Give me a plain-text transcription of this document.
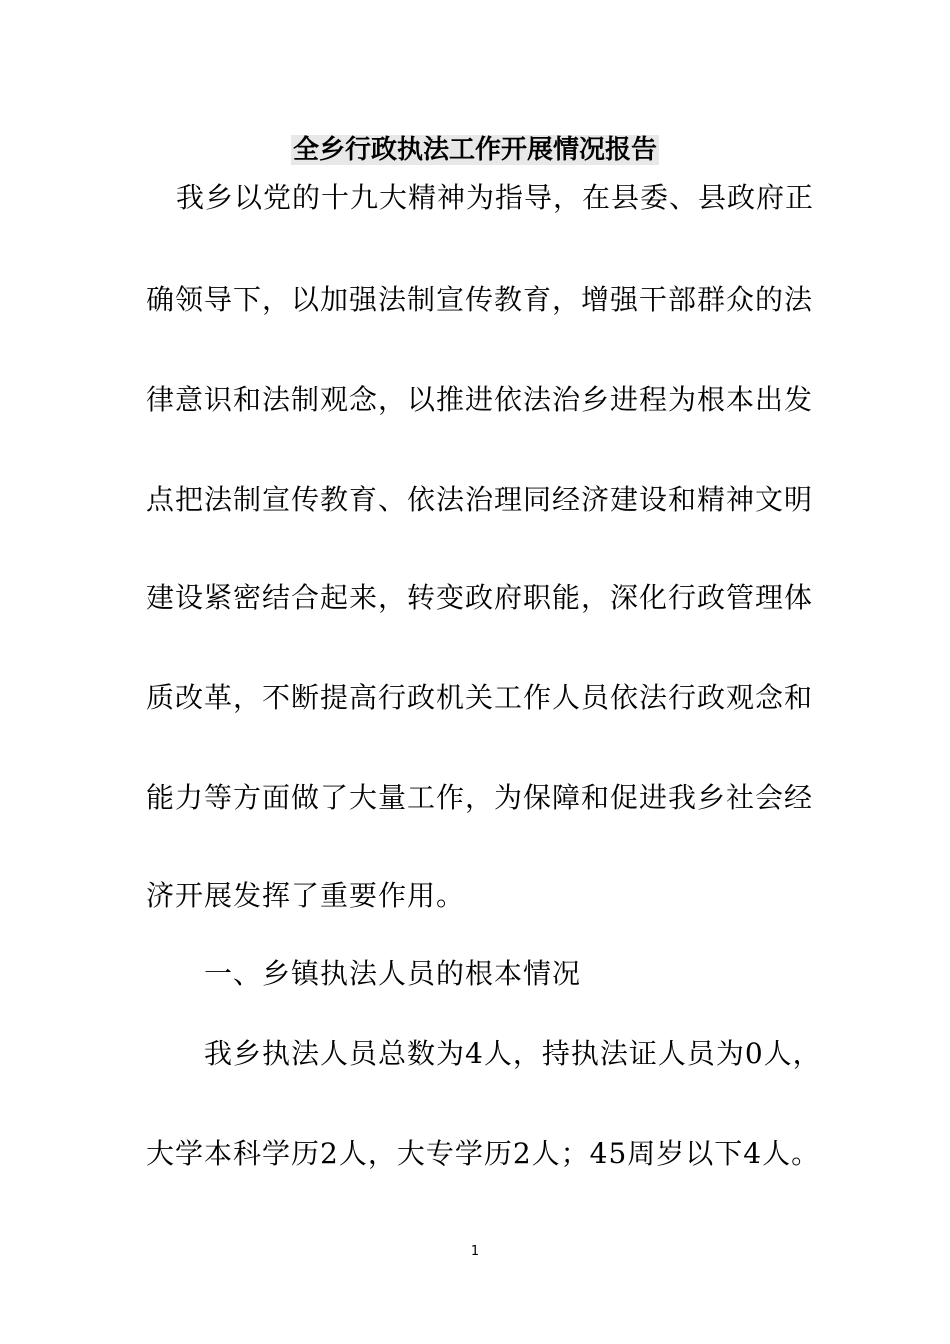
全乡行政执法工作开展情况报告
我乡以党的十九大精神为指导，在县委、县政府正
确领导下，以加强法制宣传教育，增强干部群众的法
律意识和法制观念，以推进依法治乡进程为根本出发
点把法制宣传教育、依法治理同经济建设和精神文明
建设紧密结合起来，转变政府职能，深化行政管理体
质改革，不断提高行政机关工作人员依法行政观念和
能力等方面做了大量工作，为保障和促进我乡社会经
济开展发挥了重要作用。
一、乡镇执法人员的根本情况
我乡执法人员总数为4人，持执法证人员为0人，
大学本科学历2人，大专学历2人；45周岁以下4人。
1
